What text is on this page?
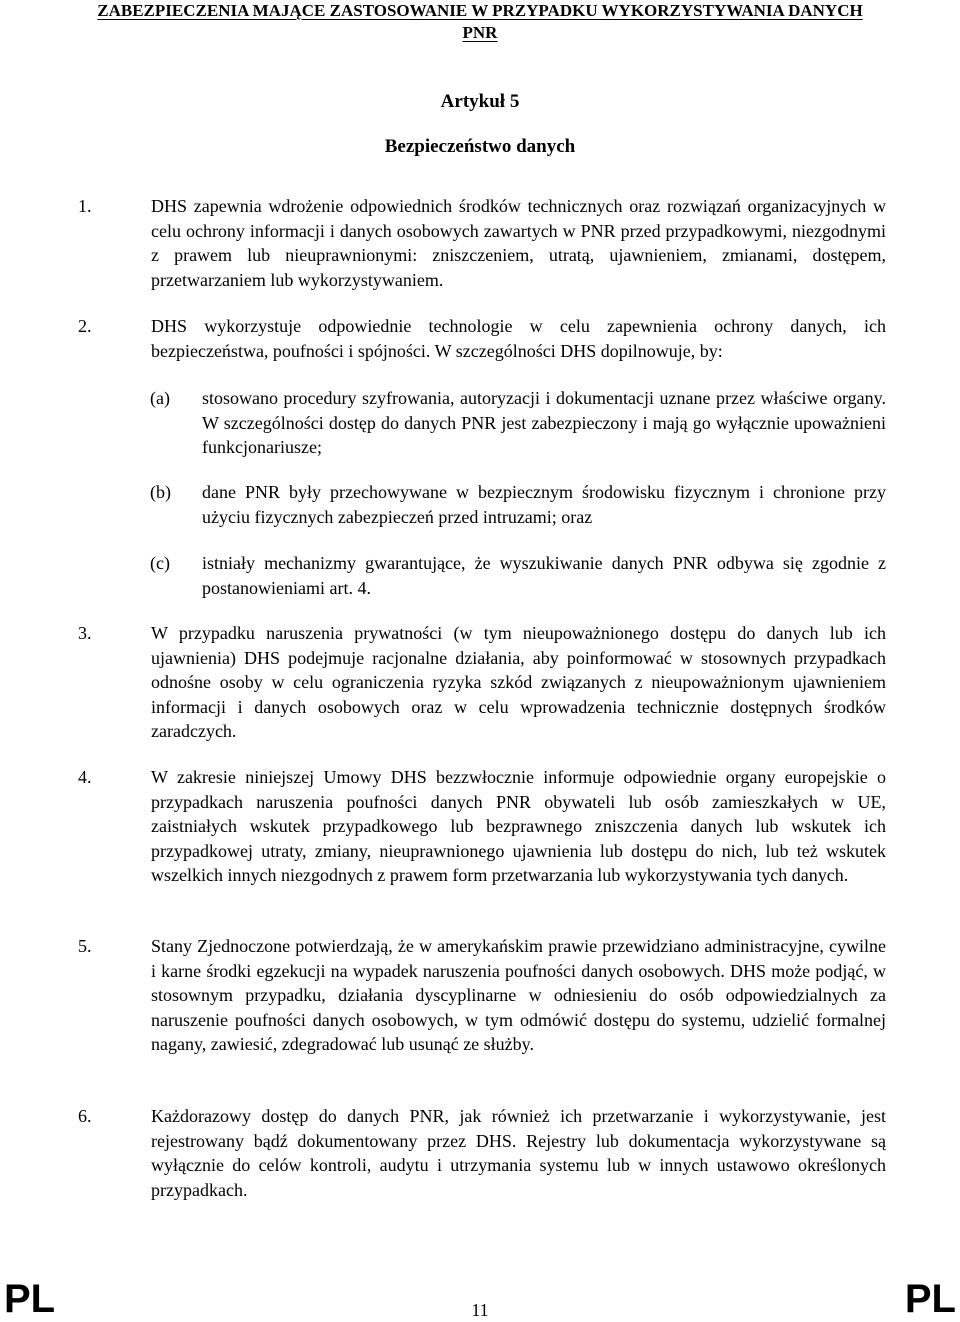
ZABEZPIECZENIA MAJĄCE ZASTOSOWANIE W PRZYPADKU WYKORZYSTYWANIA DANYCH
PNR
Artykuł 5
Bezpieczeństwo danych
1.	DHS zapewnia wdrożenie odpowiednich środków technicznych oraz rozwiązań organizacyjnych w celu ochrony informacji i danych osobowych zawartych w PNR przed przypadkowymi, niezgodnymi z prawem lub nieuprawnionymi: zniszczeniem, utratą, ujawnieniem, zmianami, dostępem, przetwarzaniem lub wykorzystywaniem.
2.	DHS wykorzystuje odpowiednie technologie w celu zapewnienia ochrony danych, ich bezpieczeństwa, poufności i spójności. W szczególności DHS dopilnowuje, by:
(a) stosowano procedury szyfrowania, autoryzacji i dokumentacji uznane przez właściwe organy. W szczególności dostęp do danych PNR jest zabezpieczony i mają go wyłącznie upoważnieni funkcjonariusze;
(b) dane PNR były przechowywane w bezpiecznym środowisku fizycznym i chronione przy użyciu fizycznych zabezpieczeń przed intruzami; oraz
(c) istniały mechanizmy gwarantujące, że wyszukiwanie danych PNR odbywa się zgodnie z postanowieniami art. 4.
3.	W przypadku naruszenia prywatności (w tym nieupoważnionego dostępu do danych lub ich ujawnienia) DHS podejmuje racjonalne działania, aby poinformować w stosownych przypadkach odnośne osoby w celu ograniczenia ryzyka szkód związanych z nieupoważnionym ujawnieniem informacji i danych osobowych oraz w celu wprowadzenia technicznie dostępnych środków zaradczych.
4.	W zakresie niniejszej Umowy DHS bezzwłocznie informuje odpowiednie organy europejskie o przypadkach naruszenia poufności danych PNR obywateli lub osób zamieszkałych w UE, zaistniałych wskutek przypadkowego lub bezprawnego zniszczenia danych lub wskutek ich przypadkowej utraty, zmiany, nieuprawnionego ujawnienia lub dostępu do nich, lub też wskutek wszelkich innych niezgodnych z prawem form przetwarzania lub wykorzystywania tych danych.
5.	Stany Zjednoczone potwierdzają, że w amerykańskim prawie przewidziano administracyjne, cywilne i karne środki egzekucji na wypadek naruszenia poufności danych osobowych. DHS może podjąć, w stosownym przypadku, działania dyscyplinarne w odniesieniu do osób odpowiedzialnych za naruszenie poufności danych osobowych, w tym odmówić dostępu do systemu, udzielić formalnej nagany, zawiesić, zdegradować lub usunąć ze służby.
6.	Każdorazowy dostęp do danych PNR, jak również ich przetwarzanie i wykorzystywanie, jest rejestrowany bądź dokumentowany przez DHS. Rejestry lub dokumentacja wykorzystywane są wyłącznie do celów kontroli, audytu i utrzymania systemu lub w innych ustawowo określonych przypadkach.
PL	11	PL
